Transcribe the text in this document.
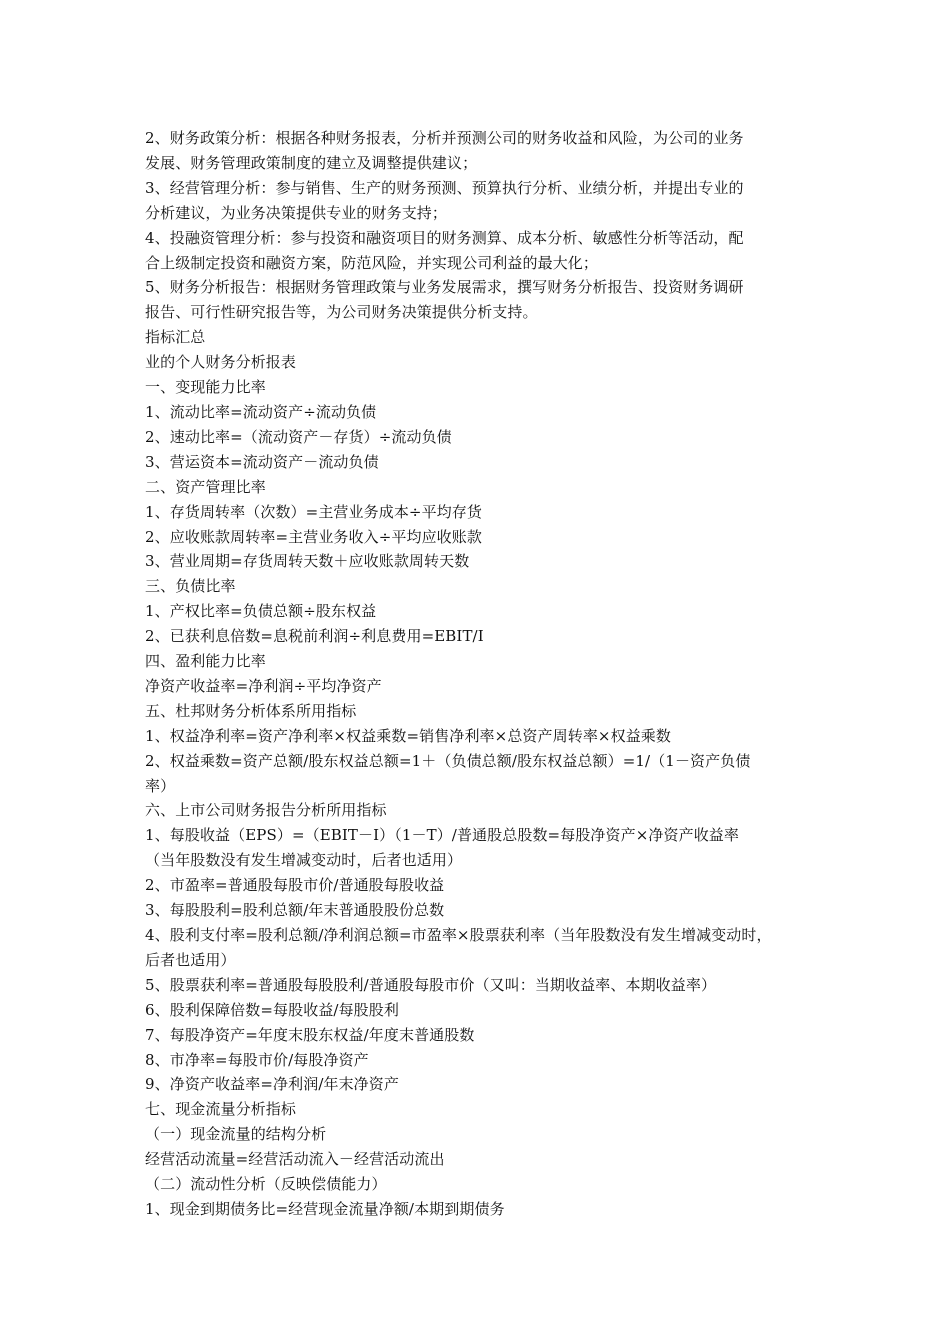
2、财务政策分析：根据各种财务报表，分析并预测公司的财务收益和风险，为公司的业务
发展、财务管理政策制度的建立及调整提供建议；
3、经营管理分析：参与销售、生产的财务预测、预算执行分析、业绩分析，并提出专业的
分析建议，为业务决策提供专业的财务支持；
4、投融资管理分析：参与投资和融资项目的财务测算、成本分析、敏感性分析等活动，配
合上级制定投资和融资方案，防范风险，并实现公司利益的最大化；
5、财务分析报告：根据财务管理政策与业务发展需求，撰写财务分析报告、投资财务调研
报告、可行性研究报告等，为公司财务决策提供分析支持。
指标汇总
业的个人财务分析报表
一、变现能力比率
1、流动比率=流动资产÷流动负债
2、速动比率=（流动资产－存货）÷流动负债
3、营运资本=流动资产－流动负债
二、资产管理比率
1、存货周转率（次数）=主营业务成本÷平均存货
2、应收账款周转率=主营业务收入÷平均应收账款
3、营业周期=存货周转天数＋应收账款周转天数
三、负债比率
1、产权比率=负债总额÷股东权益
2、已获利息倍数=息税前利润÷利息费用=EBIT/I
四、盈利能力比率
净资产收益率=净利润÷平均净资产
五、杜邦财务分析体系所用指标
1、权益净利率=资产净利率×权益乘数=销售净利率×总资产周转率×权益乘数
2、权益乘数=资产总额/股东权益总额=1＋（负债总额/股东权益总额）=1/（1－资产负债
率）
六、上市公司财务报告分析所用指标
1、每股收益（EPS）=（EBIT－I）（1－T）/普通股总股数=每股净资产×净资产收益率
（当年股数没有发生增减变动时，后者也适用）
2、市盈率=普通股每股市价/普通股每股收益
3、每股股利=股利总额/年末普通股股份总数
4、股利支付率=股利总额/净利润总额=市盈率×股票获利率（当年股数没有发生增减变动时，
后者也适用）
5、股票获利率=普通股每股股利/普通股每股市价（又叫：当期收益率、本期收益率）
6、股利保障倍数=每股收益/每股股利
7、每股净资产=年度末股东权益/年度末普通股数
8、市净率=每股市价/每股净资产
9、净资产收益率=净利润/年末净资产
七、现金流量分析指标
（一）现金流量的结构分析
经营活动流量=经营活动流入－经营活动流出
（二）流动性分析（反映偿债能力）
1、现金到期债务比=经营现金流量净额/本期到期债务
